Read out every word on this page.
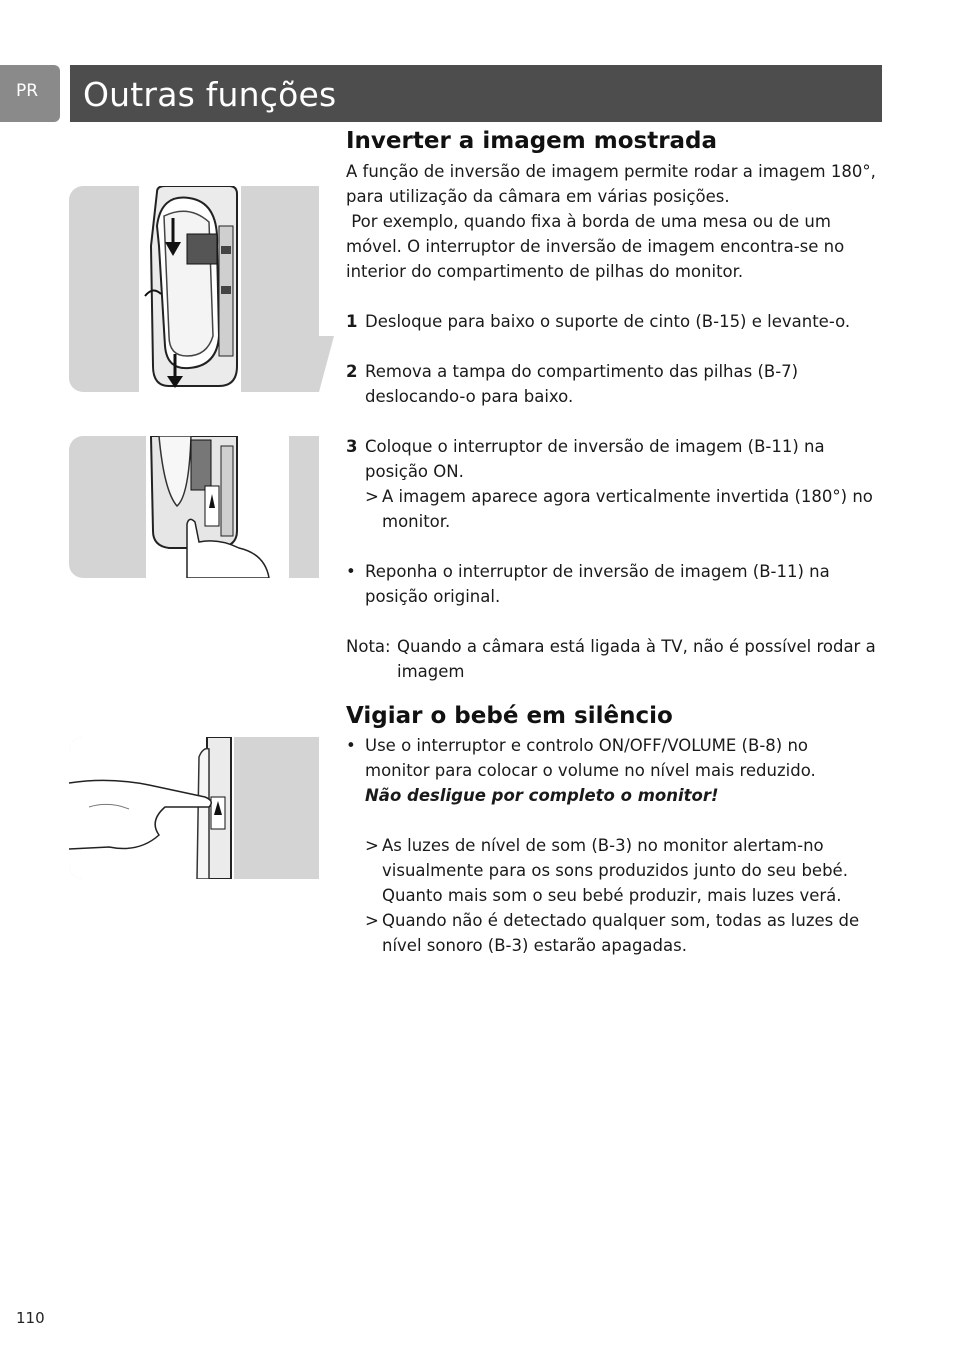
PR	Outras funções
Inverter a imagem mostrada

A função de inversão de imagem permite rodar a imagem 180°, para utilização da câmara em várias posições.

Por exemplo, quando fixa à borda de uma mesa ou de um móvel. O interruptor de inversão de imagem encontra-se no interior do compartimento de pilhas do monitor.

1 Desloque para baixo o suporte de cinto (B-15) e levante-o.
2 Remova a tampa do compartimento das pilhas (B-7) deslocando-o para baixo.
3 Coloque o interruptor de inversão de imagem (B-11) na posição ON.
> A imagem aparece agora verticalmente invertida (180°) no monitor.
• Reponha o interruptor de inversão de imagem (B-11) na posição original.
Nota: Quando a câmara está ligada à TV, não é possível rodar a imagem
Vigiar o bebé em silêncio
• Use o interruptor e controlo ON/OFF/VOLUME (B-8) no monitor para colocar o volume no nível mais reduzido.
Não desligue por completo o monitor!
> As luzes de nível de som (B-3) no monitor alertam-no visualmente para os sons produzidos junto do seu bebé. Quanto mais som o seu bebé produzir, mais luzes verá.
> Quando não é detectado qualquer som, todas as luzes de nível sonoro (B-3) estarão apagadas.
110
